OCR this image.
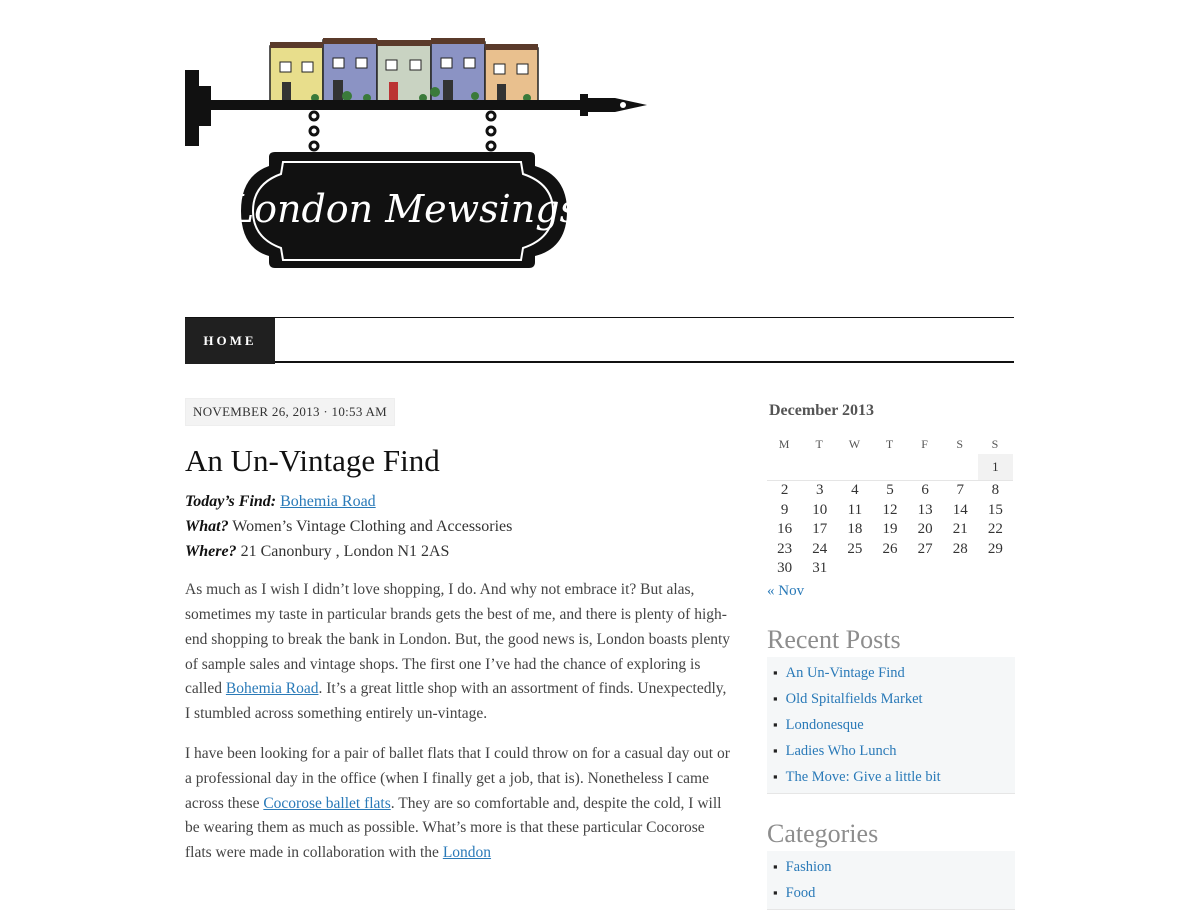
London Mewsings
HOME
NOVEMBER 26, 2013 · 10:53 AM
An Un-Vintage Find

Today’s Find: Bohemia Road

What? Women’s Vintage Clothing and Accessories

Where? 21 Canonbury , London N1 2AS

As much as I wish I didn’t love shopping, I do. And why not embrace it? But alas, sometimes my taste in particular brands gets the best of me, and there is plenty of high-end shopping to break the bank in London. But, the good news is, London boasts plenty of sample sales and vintage shops. The first one I’ve had the chance of exploring is called Bohemia Road. It’s a great little shop with an assortment of finds. Unexpectedly, I stumbled across something entirely un-vintage.

I have been looking for a pair of ballet flats that I could throw on for a casual day out or a professional day in the office (when I finally get a job, that is). Nonetheless I came across these Cocorose ballet flats. They are so comfortable and, despite the cold, I will be wearing them as much as possible. What’s more is that these particular Cocorose flats were made in collaboration with the London

December 2013
M	T	W	T	F	S	S
						1
2	3	4	5	6	7	8
9	10	11	12	13	14	15
16	17	18	19	20	21	22
23	24	25	26	27	28	29
30	31					
« Nov
Recent Posts
▪ An Un-Vintage Find
▪ Old Spitalfields Market
▪ Londonesque
▪ Ladies Who Lunch
▪ The Move: Give a little bit
Categories
▪ Fashion
▪ Food
